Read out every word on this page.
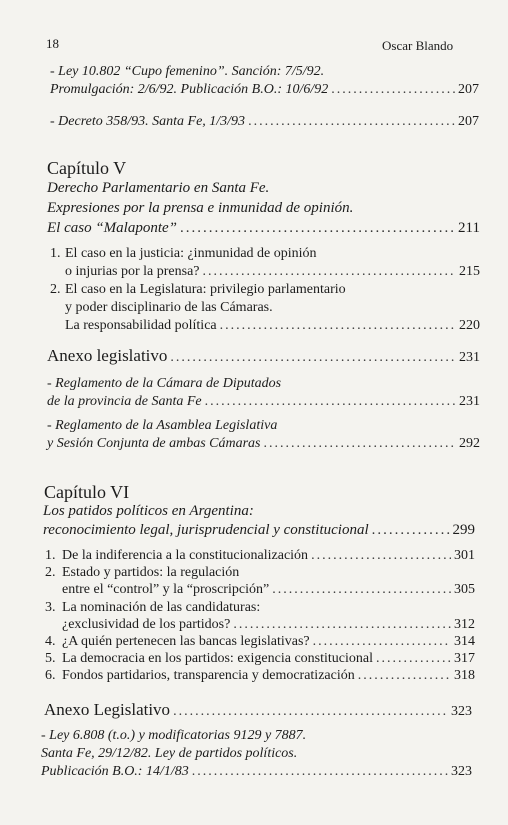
18	Oscar Blando
- Ley 10.802 “Cupo femenino”. Sanción: 7/5/92.
Promulgación: 2/6/92. Publicación B.O.: 10/6/92 .....	207
- Decreto 358/93. Santa Fe, 1/3/93 .....	207
Capítulo V
Derecho Parlamentario en Santa Fe.
Expresiones por la prensa e inmunidad de opinión.
El caso “Malaponte” .....	211
1. El caso en la justicia: ¿inmunidad de opinión
o injurias por la prensa? .....	215
2. El caso en la Legislatura: privilegio parlamentario
y poder disciplinario de las Cámaras.
La responsabilidad política .....	220
Anexo legislativo .....	231
- Reglamento de la Cámara de Diputados
de la provincia de Santa Fe .....	231
- Reglamento de la Asamblea Legislativa
y Sesión Conjunta de ambas Cámaras .....	292
Capítulo VI
Los patidos políticos en Argentina:
reconocimiento legal, jurisprudencial y constitucional .....	299
1. De la indiferencia a la constitucionalización .....	301
2. Estado y partidos: la regulación
entre el “control” y la “proscripción” .....	305
3. La nominación de las candidaturas:
¿exclusividad de los partidos? .....	312
4. ¿A quién pertenecen las bancas legislativas? .....	314
5. La democracia en los partidos: exigencia constitucional .....	317
6. Fondos partidarios, transparencia y democratización .....	318
Anexo Legislativo .....	323
- Ley 6.808 (t.o.) y modificatorias 9129 y 7887.
Santa Fe, 29/12/82. Ley de partidos políticos.
Publicación B.O.: 14/1/83 .....	323
